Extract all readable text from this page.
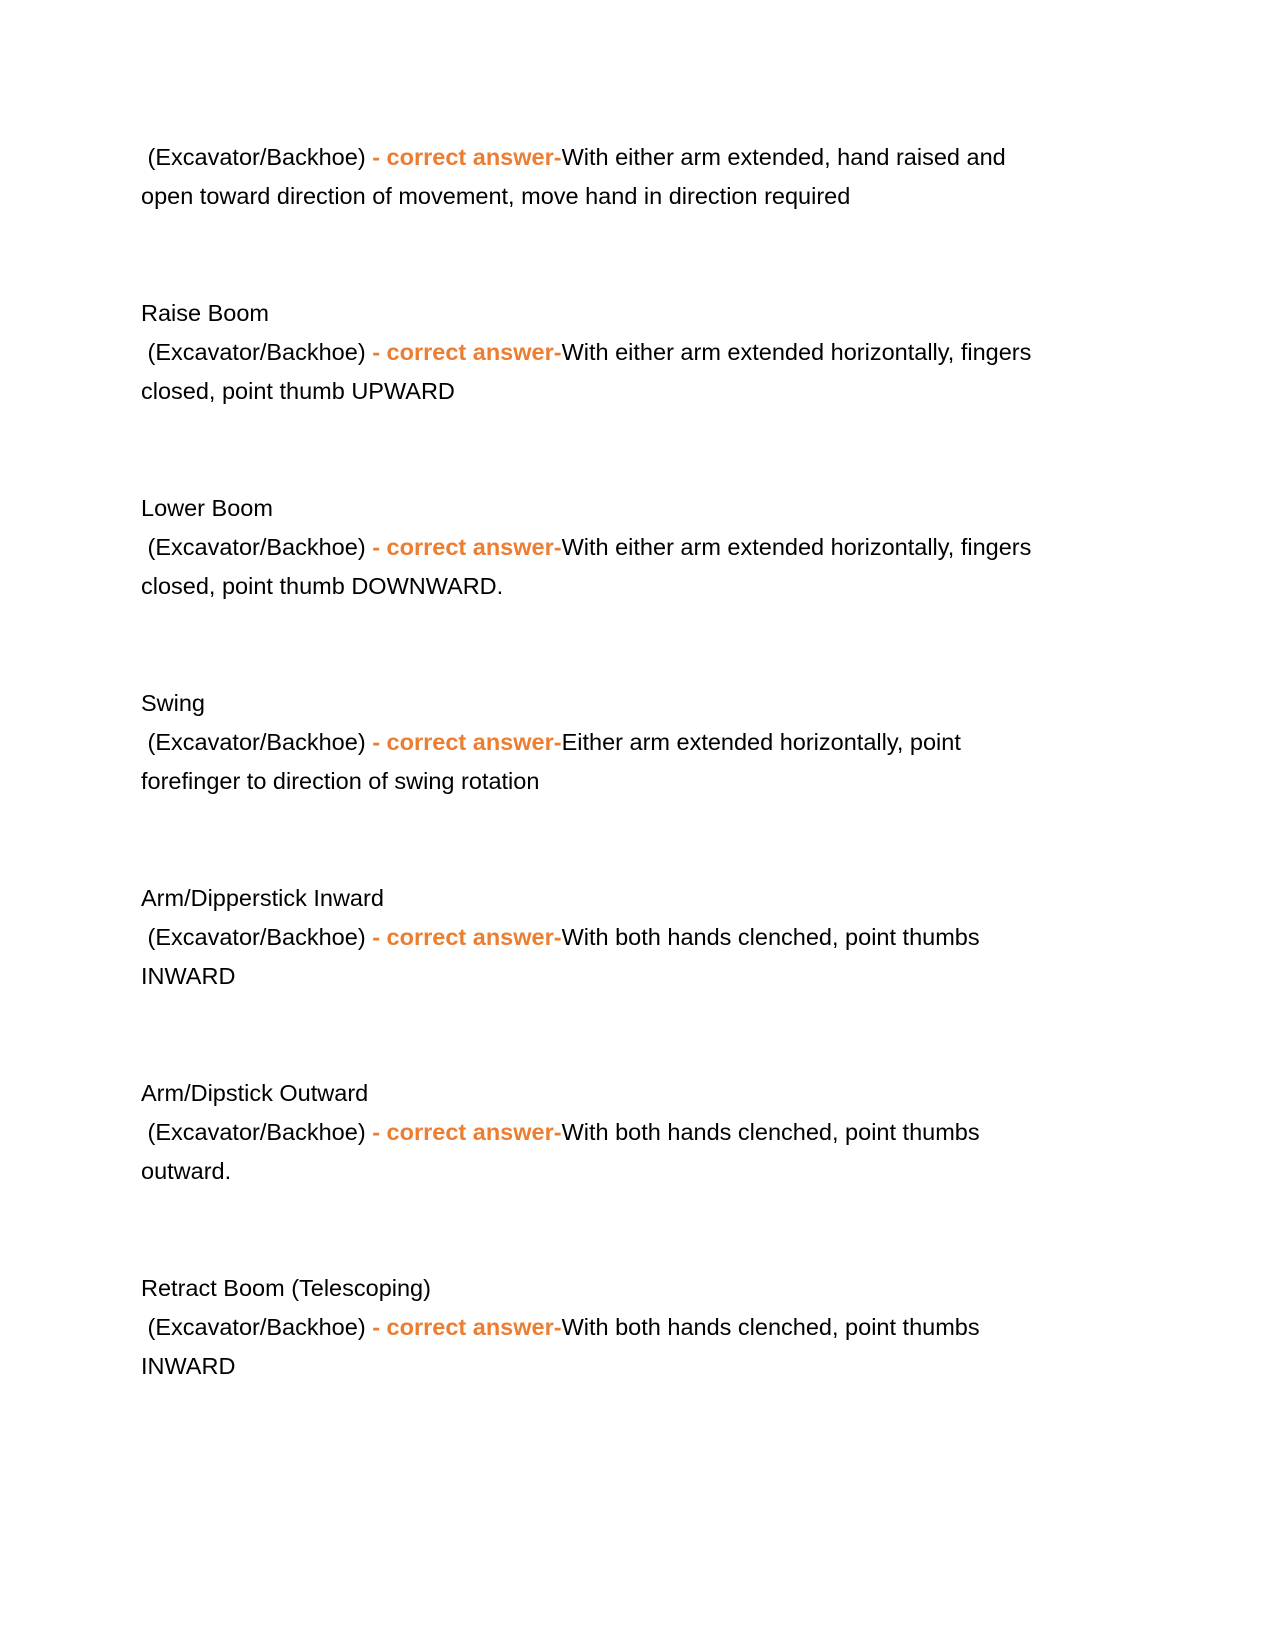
(Excavator/Backhoe) - correct answer-With either arm extended, hand raised and open toward direction of movement, move hand in direction required

Raise Boom

(Excavator/Backhoe) - correct answer-With either arm extended horizontally, fingers closed, point thumb UPWARD

Lower Boom

(Excavator/Backhoe) - correct answer-With either arm extended horizontally, fingers closed, point thumb DOWNWARD.

Swing

(Excavator/Backhoe) - correct answer-Either arm extended horizontally, point forefinger to direction of swing rotation

Arm/Dipperstick Inward

(Excavator/Backhoe) - correct answer-With both hands clenched, point thumbs INWARD

Arm/Dipstick Outward

(Excavator/Backhoe) - correct answer-With both hands clenched, point thumbs outward.

Retract Boom (Telescoping)

(Excavator/Backhoe) - correct answer-With both hands clenched, point thumbs INWARD
